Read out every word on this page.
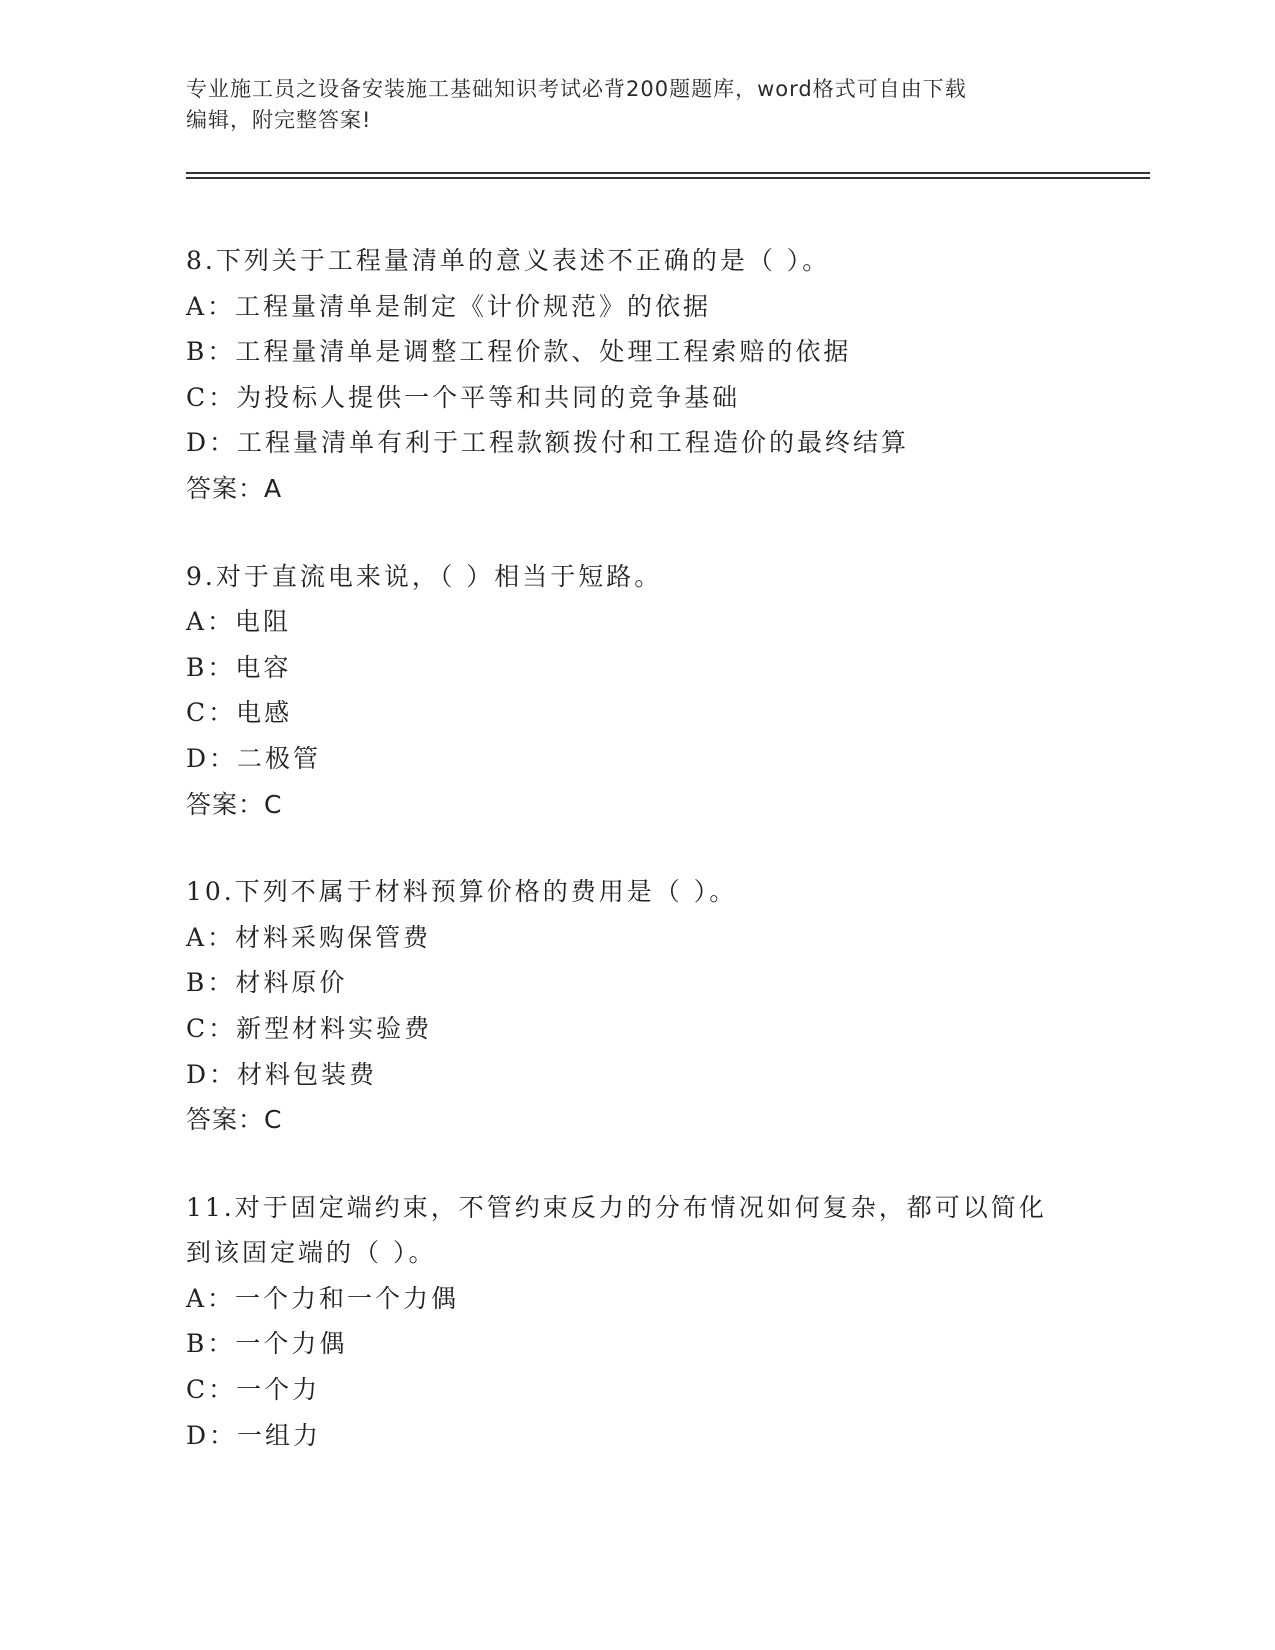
专业施工员之设备安装施工基础知识考试必背200题题库，word格式可自由下载
编辑，附完整答案!
8.下列关于工程量清单的意义表述不正确的是（ ）。
A：工程量清单是制定《计价规范》的依据
B：工程量清单是调整工程价款、处理工程索赔的依据
C：为投标人提供一个平等和共同的竞争基础
D：工程量清单有利于工程款额拨付和工程造价的最终结算
答案：A
9.对于直流电来说，（ ）相当于短路。
A：电阻
B：电容
C：电感
D：二极管
答案：C
10.下列不属于材料预算价格的费用是（ ）。
A：材料采购保管费
B：材料原价
C：新型材料实验费
D：材料包装费
答案：C
11.对于固定端约束，不管约束反力的分布情况如何复杂，都可以简化
到该固定端的（ ）。
A：一个力和一个力偶
B：一个力偶
C：一个力
D：一组力
